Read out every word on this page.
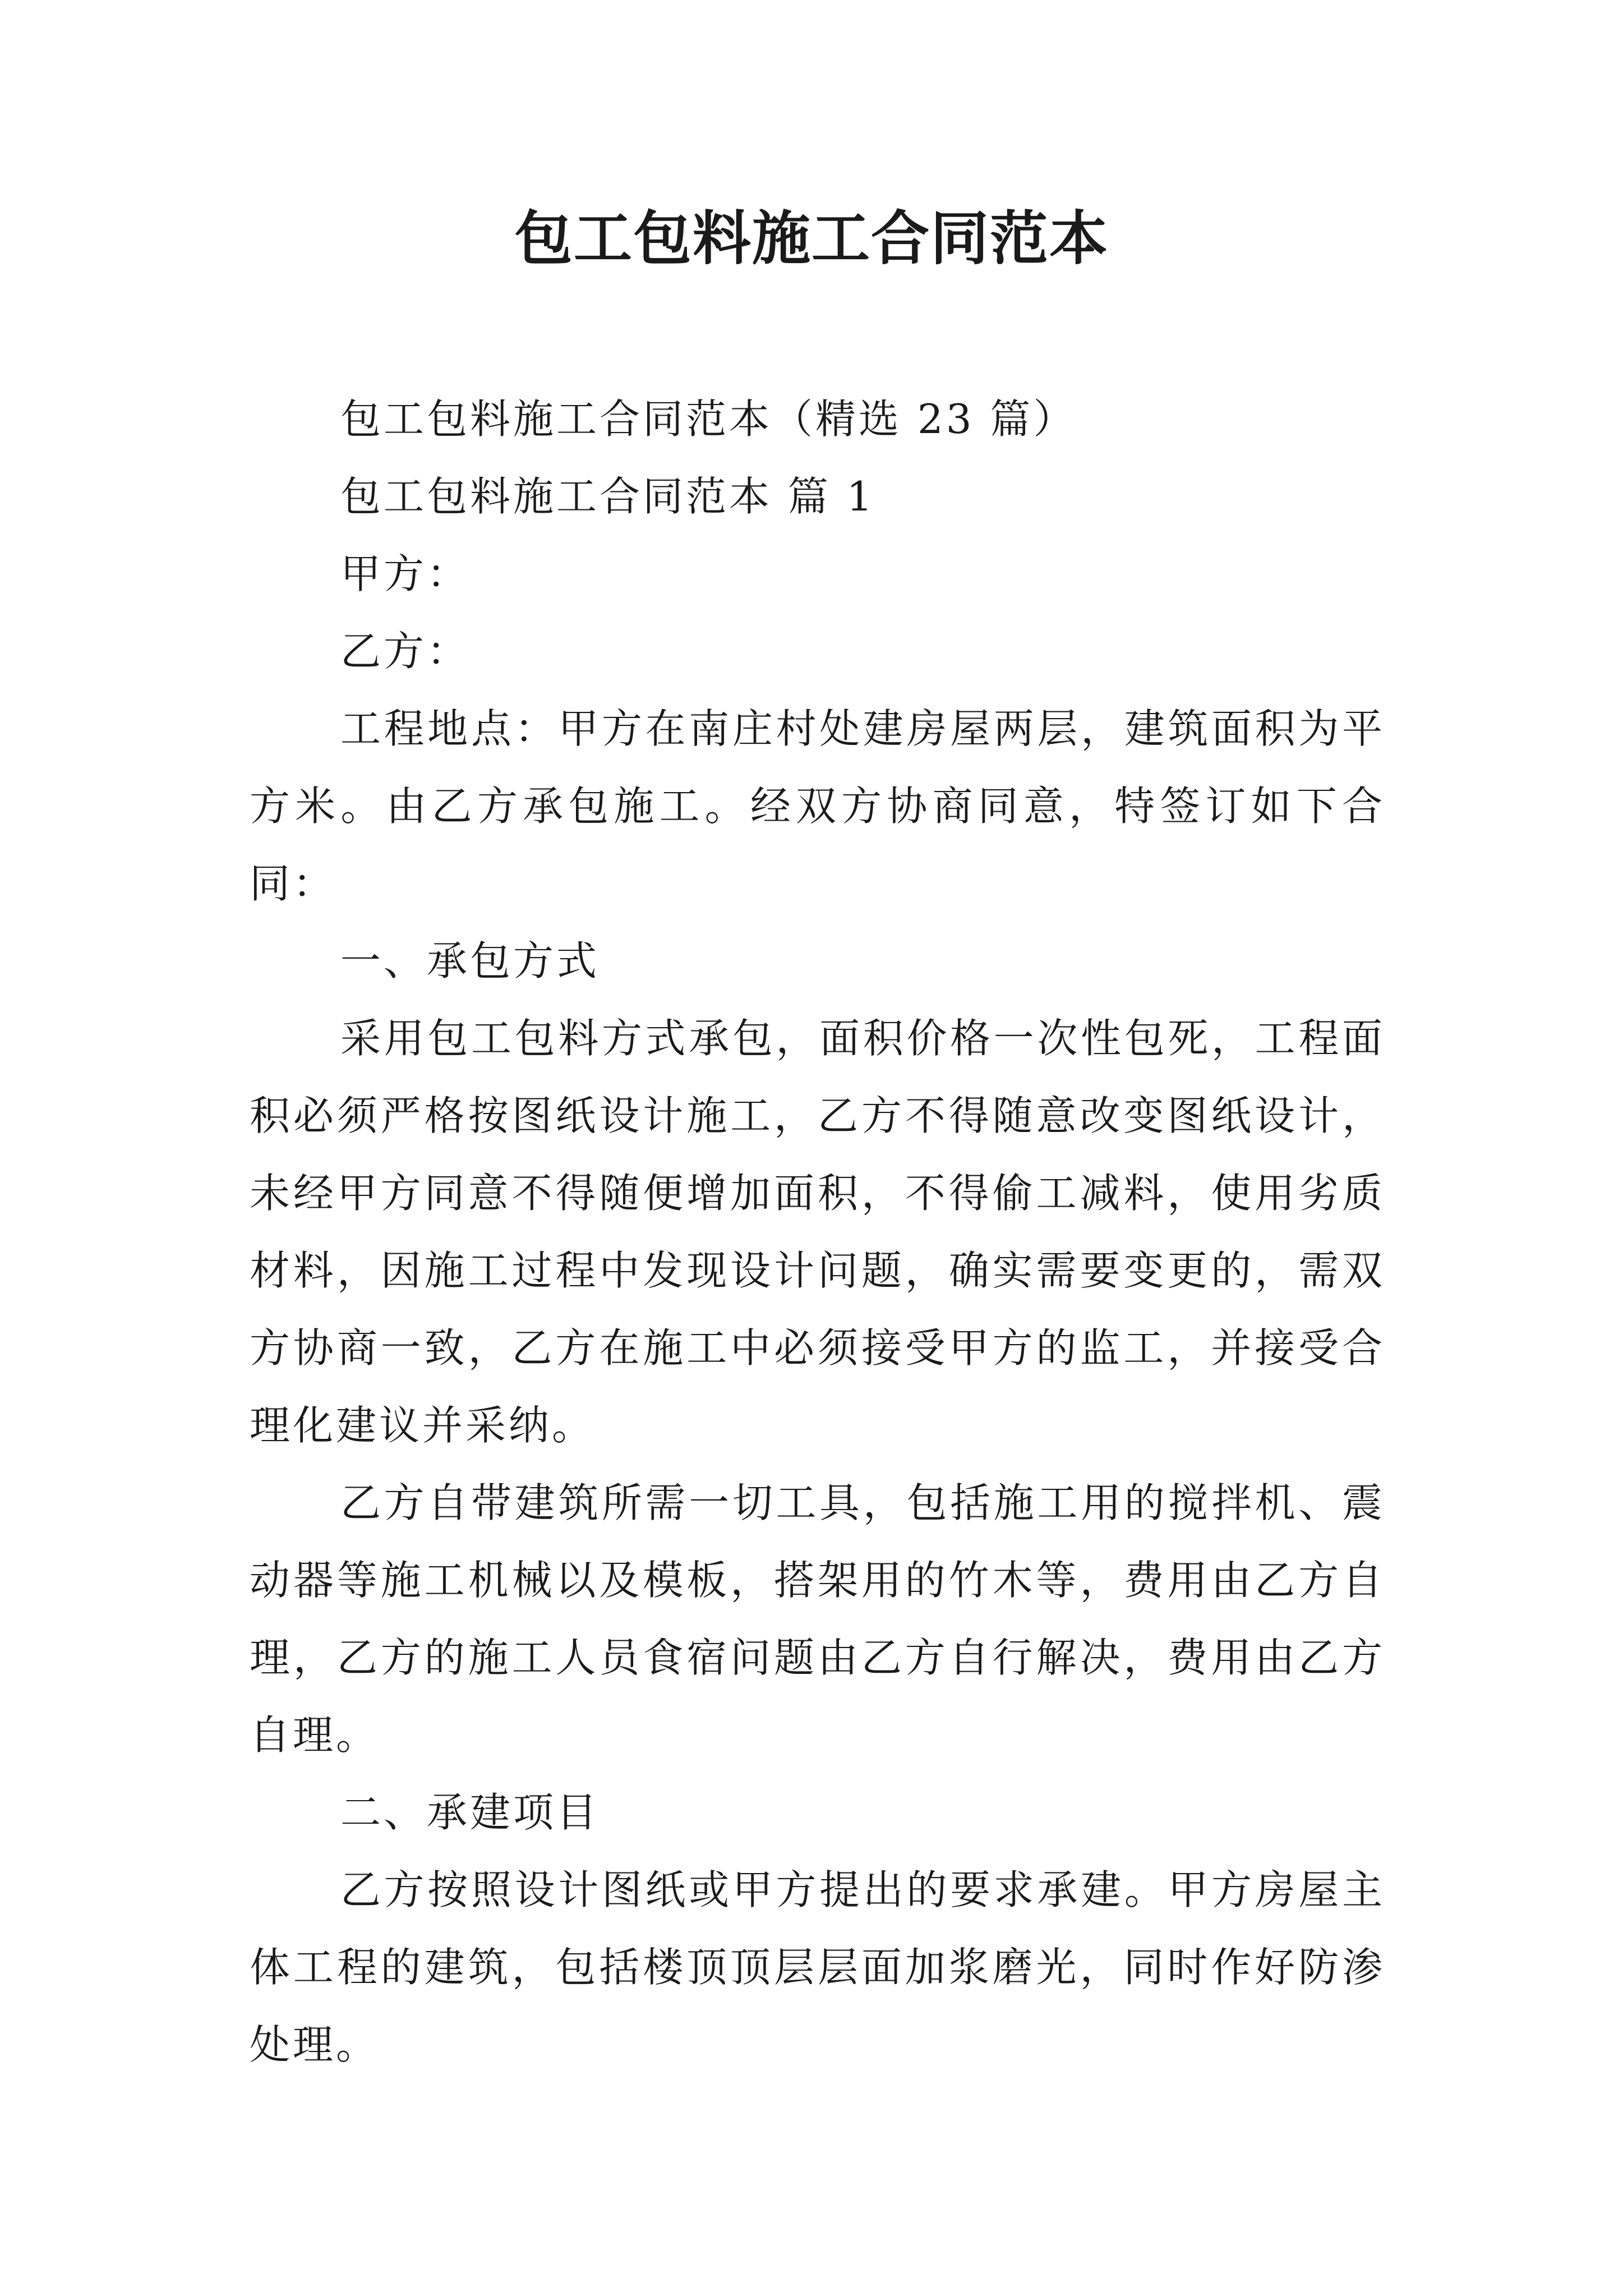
包工包料施工合同范本

包工包料施工合同范本（精选 23 篇）

包工包料施工合同范本 篇 1

甲方：

乙方：

工程地点：甲方在南庄村处建房屋两层，建筑面积为平方米。由乙方承包施工。经双方协商同意，特签订如下合同：

一、承包方式

采用包工包料方式承包，面积价格一次性包死，工程面积必须严格按图纸设计施工，乙方不得随意改变图纸设计，未经甲方同意不得随便增加面积，不得偷工减料，使用劣质材料，因施工过程中发现设计问题，确实需要变更的，需双方协商一致，乙方在施工中必须接受甲方的监工，并接受合理化建议并采纳。

乙方自带建筑所需一切工具，包括施工用的搅拌机、震动器等施工机械以及模板，搭架用的竹木等，费用由乙方自理，乙方的施工人员食宿问题由乙方自行解决，费用由乙方自理。

二、承建项目

乙方按照设计图纸或甲方提出的要求承建。甲方房屋主体工程的建筑，包括楼顶顶层层面加浆磨光，同时作好防渗处理。
